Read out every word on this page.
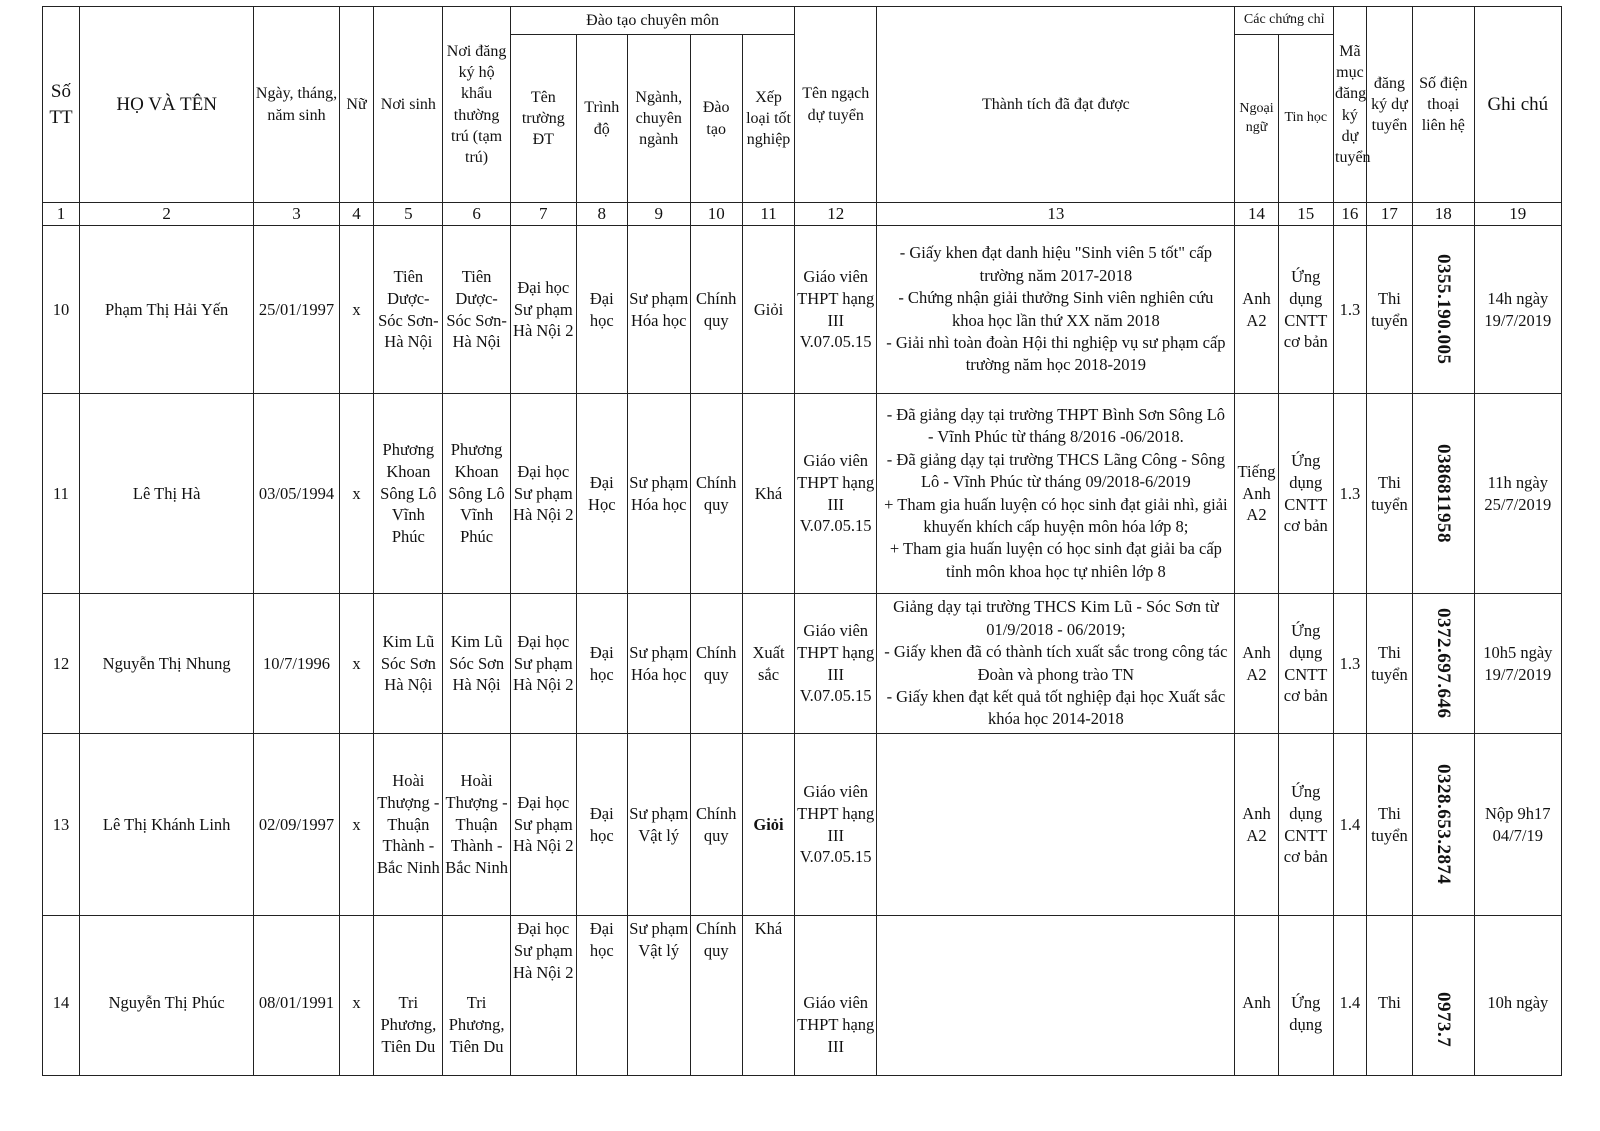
Số TT	HỌ VÀ TÊN	Ngày, tháng, năm sinh	Nữ	Nơi sinh	Nơi đăng ký hộ khẩu thường trú (tạm trú)	Đào tạo chuyên môn					Tên ngạch dự tuyển	Thành tích đã đạt được	Các chứng chỉ		Mã mục đăng ký dự tuyển	đăng ký dự tuyển	Số điện thoại liên hệ	Ghi chú
						Tên trường ĐT	Trình độ	Ngành, chuyên ngành	Đào tạo	Xếp loại tốt nghiệp			Ngoại ngữ	Tin học				
1	2	3	4	5	6	7	8	9	10	11	12	13	14	15	16	17	18	19
10	Phạm Thị Hải Yến	25/01/1997	x	Tiên Dược-Sóc Sơn-Hà Nội	Tiên Dược-Sóc Sơn-Hà Nội	Đại học Sư phạm Hà Nội 2	Đại học	Sư phạm Hóa học	Chính quy	Giỏi	Giáo viên THPT hạng III V.07.05.15	- Giấy khen đạt danh hiệu "Sinh viên 5 tốt" cấp trường năm 2017-2018
- Chứng nhận giải thưởng Sinh viên nghiên cứu khoa học lần thứ XX năm 2018
- Giải nhì toàn đoàn Hội thi nghiệp vụ sư phạm cấp trường năm học 2018-2019	Anh A2	Ứng dụng CNTT cơ bản	1.3	Thi tuyển	0355.190.005	14h ngày 19/7/2019
11	Lê Thị Hà	03/05/1994	x	Phương Khoan Sông Lô Vĩnh Phúc	Phương Khoan Sông Lô Vĩnh Phúc	Đại học Sư phạm Hà Nội 2	Đại Học	Sư phạm Hóa học	Chính quy	Khá	Giáo viên THPT hạng III V.07.05.15	- Đã giảng dạy tại trường THPT Bình Sơn Sông Lô - Vĩnh Phúc từ tháng 8/2016 -06/2018.
- Đã giảng dạy tại trường THCS Lãng Công - Sông Lô - Vĩnh Phúc từ tháng 09/2018-6/2019
+ Tham gia huấn luyện có học sinh đạt giải nhì, giải khuyến khích cấp huyện môn hóa lớp 8;
+ Tham gia huấn luyện có học sinh đạt giải ba cấp tỉnh môn khoa học tự nhiên lớp 8	Tiếng Anh A2	Ứng dụng CNTT cơ bản	1.3	Thi tuyển	0386811958	11h ngày 25/7/2019
12	Nguyễn Thị Nhung	10/7/1996	x	Kim Lũ Sóc Sơn Hà Nội	Kim Lũ Sóc Sơn Hà Nội	Đại học Sư phạm Hà Nội 2	Đại học	Sư phạm Hóa học	Chính quy	Xuất sắc	Giáo viên THPT hạng III V.07.05.15	Giảng dạy tại trường THCS Kim Lũ - Sóc Sơn từ 01/9/2018 - 06/2019;
- Giấy khen đã có thành tích xuất sắc trong công tác Đoàn và phong trào TN
- Giấy khen đạt kết quả tốt nghiệp đại học Xuất sắc khóa học 2014-2018	Anh A2	Ứng dụng CNTT cơ bản	1.3	Thi tuyển	0372.697.646	10h5 ngày 19/7/2019
13	Lê Thị Khánh Linh	02/09/1997	x	Hoài Thượng - Thuận Thành - Bắc Ninh	Hoài Thượng - Thuận Thành - Bắc Ninh	Đại học Sư phạm Hà Nội 2	Đại học	Sư phạm Vật lý	Chính quy	Giỏi	Giáo viên THPT hạng III V.07.05.15		Anh A2	Ứng dụng CNTT cơ bản	1.4	Thi tuyển	0328.653.2874	Nộp 9h17 04/7/19
14	Nguyễn Thị Phúc	08/01/1991	x	Tri Phương, Tiên Du	Tri Phương, Tiên Du	Đại học Sư phạm Hà Nội 2	Đại học	Sư phạm Vật lý	Chính quy	Khá	Giáo viên THPT hạng III		Anh	Ứng dụng	1.4	Thi	0973.7	10h ngày
